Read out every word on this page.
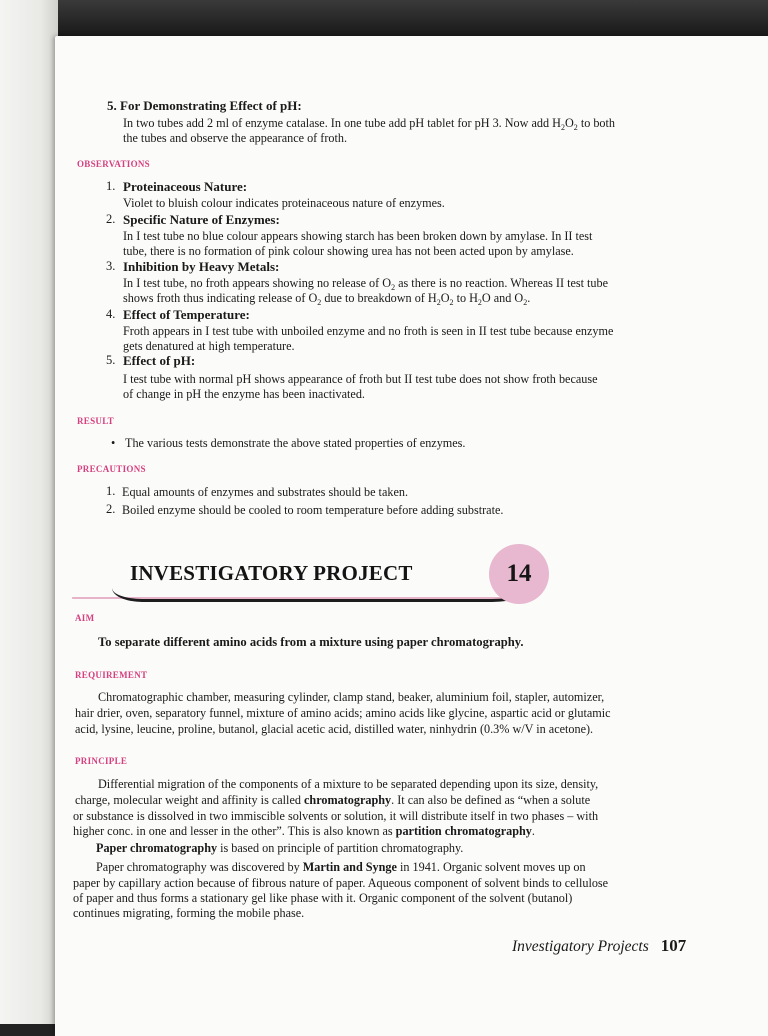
5. For Demonstrating Effect of pH:
In two tubes add 2 ml of enzyme catalase. In one tube add pH tablet for pH 3. Now add $H_2O_2$ to both
the tubes and observe the appearance of froth.
observations
1. Proteinaceous Nature:
Violet to bluish colour indicates proteinaceous nature of enzymes.
2. Specific Nature of Enzymes:
In I test tube no blue colour appears showing starch has been broken down by amylase. In II test
tube, there is no formation of pink colour showing urea has not been acted upon by amylase.
3. Inhibition by Heavy Metals:
In I test tube, no froth appears showing no release of $O_2$ as there is no reaction. Whereas II test tube
shows froth thus indicating release of $O_2$ due to breakdown of $H_2O_2$ to $H_2O$ and $O_2$.
4. Effect of Temperature:
Froth appears in I test tube with unboiled enzyme and no froth is seen in II test tube because enzyme
gets denatured at high temperature.
5. Effect of pH:
I test tube with normal pH shows appearance of froth but II test tube does not show froth because
of change in pH the enzyme has been inactivated.
result
• The various tests demonstrate the above stated properties of enzymes.
precautions
1. Equal amounts of enzymes and substrates should be taken.
2. Boiled enzyme should be cooled to room temperature before adding substrate.
INVESTIGATORY PROJECT	14
aim
To separate different amino acids from a mixture using paper chromatography.
requirement
Chromatographic chamber, measuring cylinder, clamp stand, beaker, aluminium foil, stapler, automizer,
hair drier, oven, separatory funnel, mixture of amino acids; amino acids like glycine, aspartic acid or glutamic
acid, lysine, leucine, proline, butanol, glacial acetic acid, distilled water, ninhydrin (0.3% w/V in acetone).
principle
Differential migration of the components of a mixture to be separated depending upon its size, density,
charge, molecular weight and affinity is called chromatography. It can also be defined as “when a solute
or substance is dissolved in two immiscible solvents or solution, it will distribute itself in two phases – with
higher conc. in one and lesser in the other”. This is also known as partition chromatography.
Paper chromatography is based on principle of partition chromatography.
Paper chromatography was discovered by Martin and Synge in 1941. Organic solvent moves up on
paper by capillary action because of fibrous nature of paper. Aqueous component of solvent binds to cellulose
of paper and thus forms a stationary gel like phase with it. Organic component of the solvent (butanol)
continues migrating, forming the mobile phase.
Investigatory Projects 107
